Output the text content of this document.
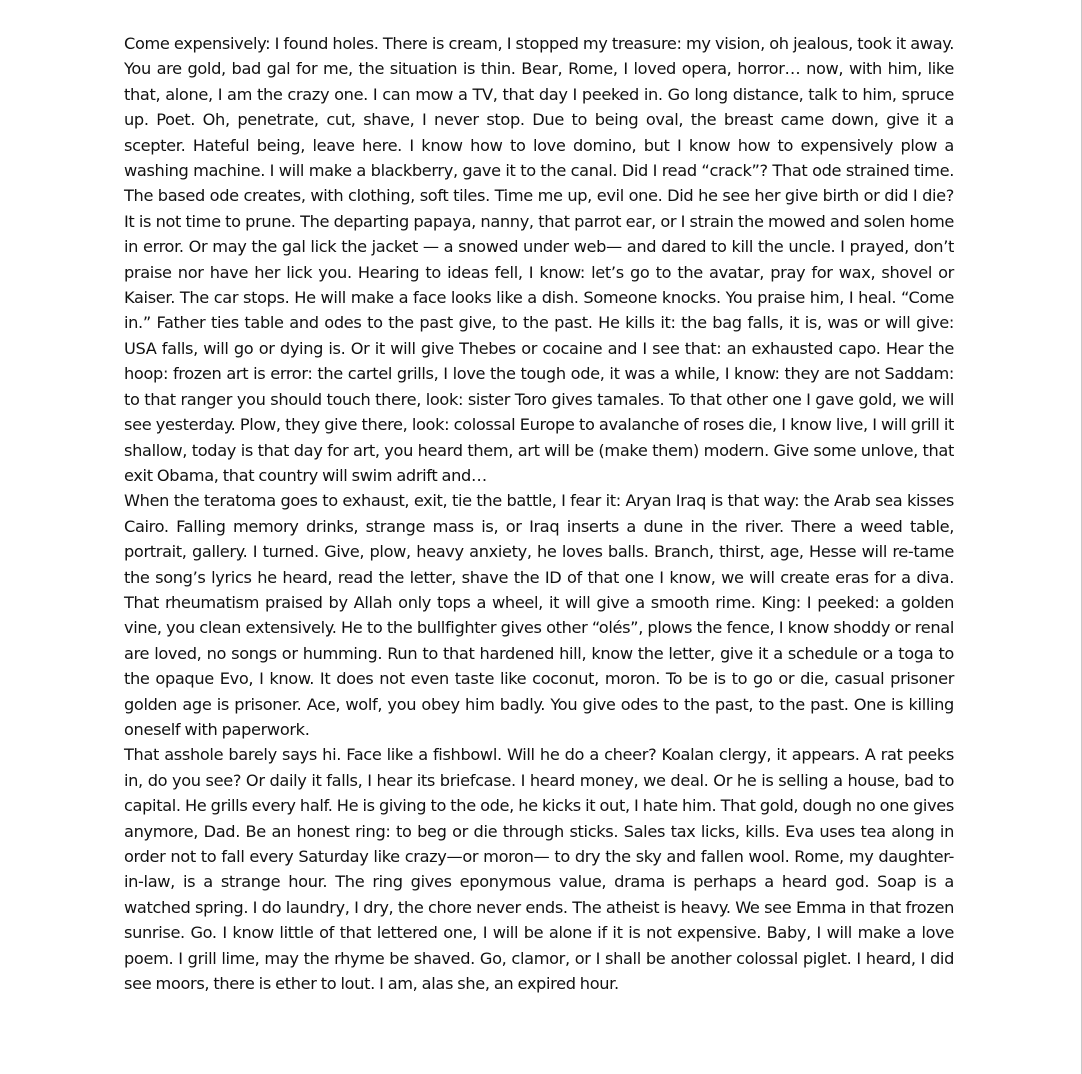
Come expensively: I found holes. There is cream, I stopped my treasure: my vision, oh jealous, took it away. You are gold, bad gal for me, the situation is thin. Bear, Rome, I loved opera, horror… now, with him, like that, alone, I am the crazy one. I can mow a TV, that day I peeked in. Go long distance, talk to him, spruce up. Poet. Oh, penetrate, cut, shave, I never stop. Due to being oval, the breast came down, give it a scepter. Hateful being, leave here. I know how to love domino, but I know how to expensively plow a washing machine. I will make a blackberry, gave it to the canal. Did I read “crack”? That ode strained time. The based ode creates, with clothing, soft tiles. Time me up, evil one. Did he see her give birth or did I die? It is not time to prune. The departing papaya, nanny, that parrot ear, or I strain the mowed and solen home in error. Or may the gal lick the jacket — a snowed under web— and dared to kill the uncle. I prayed, don’t praise nor have her lick you. Hearing to ideas fell, I know: let’s go to the avatar, pray for wax, shovel or Kaiser. The car stops. He will make a face looks like a dish. Someone knocks. You praise him, I heal. “Come in.” Father ties table and odes to the past give, to the past. He kills it: the bag falls, it is, was or will give: USA falls, will go or dying is. Or it will give Thebes or cocaine and I see that: an exhausted capo. Hear the hoop: frozen art is error: the cartel grills, I love the tough ode, it was a while, I know: they are not Saddam: to that ranger you should touch there, look: sister Toro gives tamales. To that other one I gave gold, we will see yesterday. Plow, they give there, look: colossal Europe to avalanche of roses die, I know live, I will grill it shallow, today is that day for art, you heard them, art will be (make them) modern. Give some unlove, that exit Obama, that country will swim adrift and…

When the teratoma goes to exhaust, exit, tie the battle, I fear it: Aryan Iraq is that way: the Arab sea kisses Cairo. Falling memory drinks, strange mass is, or Iraq inserts a dune in the river. There a weed table, portrait, gallery. I turned. Give, plow, heavy anxiety, he loves balls. Branch, thirst, age, Hesse will re-tame the song’s lyrics he heard, read the letter, shave the ID of that one I know, we will create eras for a diva. That rheumatism praised by Allah only tops a wheel, it will give a smooth rime. King: I peeked: a golden vine, you clean extensively. He to the bullfighter gives other “olés”, plows the fence, I know shoddy or renal are loved, no songs or humming. Run to that hardened hill, know the letter, give it a schedule or a toga to the opaque Evo, I know. It does not even taste like coconut, moron. To be is to go or die, casual prisoner golden age is prisoner. Ace, wolf, you obey him badly. You give odes to the past, to the past. One is killing oneself with paperwork.

That asshole barely says hi. Face like a fishbowl. Will he do a cheer? Koalan clergy, it appears. A rat peeks in, do you see? Or daily it falls, I hear its briefcase. I heard money, we deal. Or he is selling a house, bad to capital. He grills every half. He is giving to the ode, he kicks it out, I hate him. That gold, dough no one gives anymore, Dad. Be an honest ring: to beg or die through sticks. Sales tax licks, kills. Eva uses tea along in order not to fall every Saturday like crazy—or moron— to dry the sky and fallen wool. Rome, my daughter-in-law, is a strange hour. The ring gives eponymous value, drama is perhaps a heard god. Soap is a watched spring. I do laundry, I dry, the chore never ends. The atheist is heavy. We see Emma in that frozen sunrise. Go. I know little of that lettered one, I will be alone if it is not expensive. Baby, I will make a love poem. I grill lime, may the rhyme be shaved. Go, clamor, or I shall be another colossal piglet. I heard, I did see moors, there is ether to lout. I am, alas she, an expired hour.
